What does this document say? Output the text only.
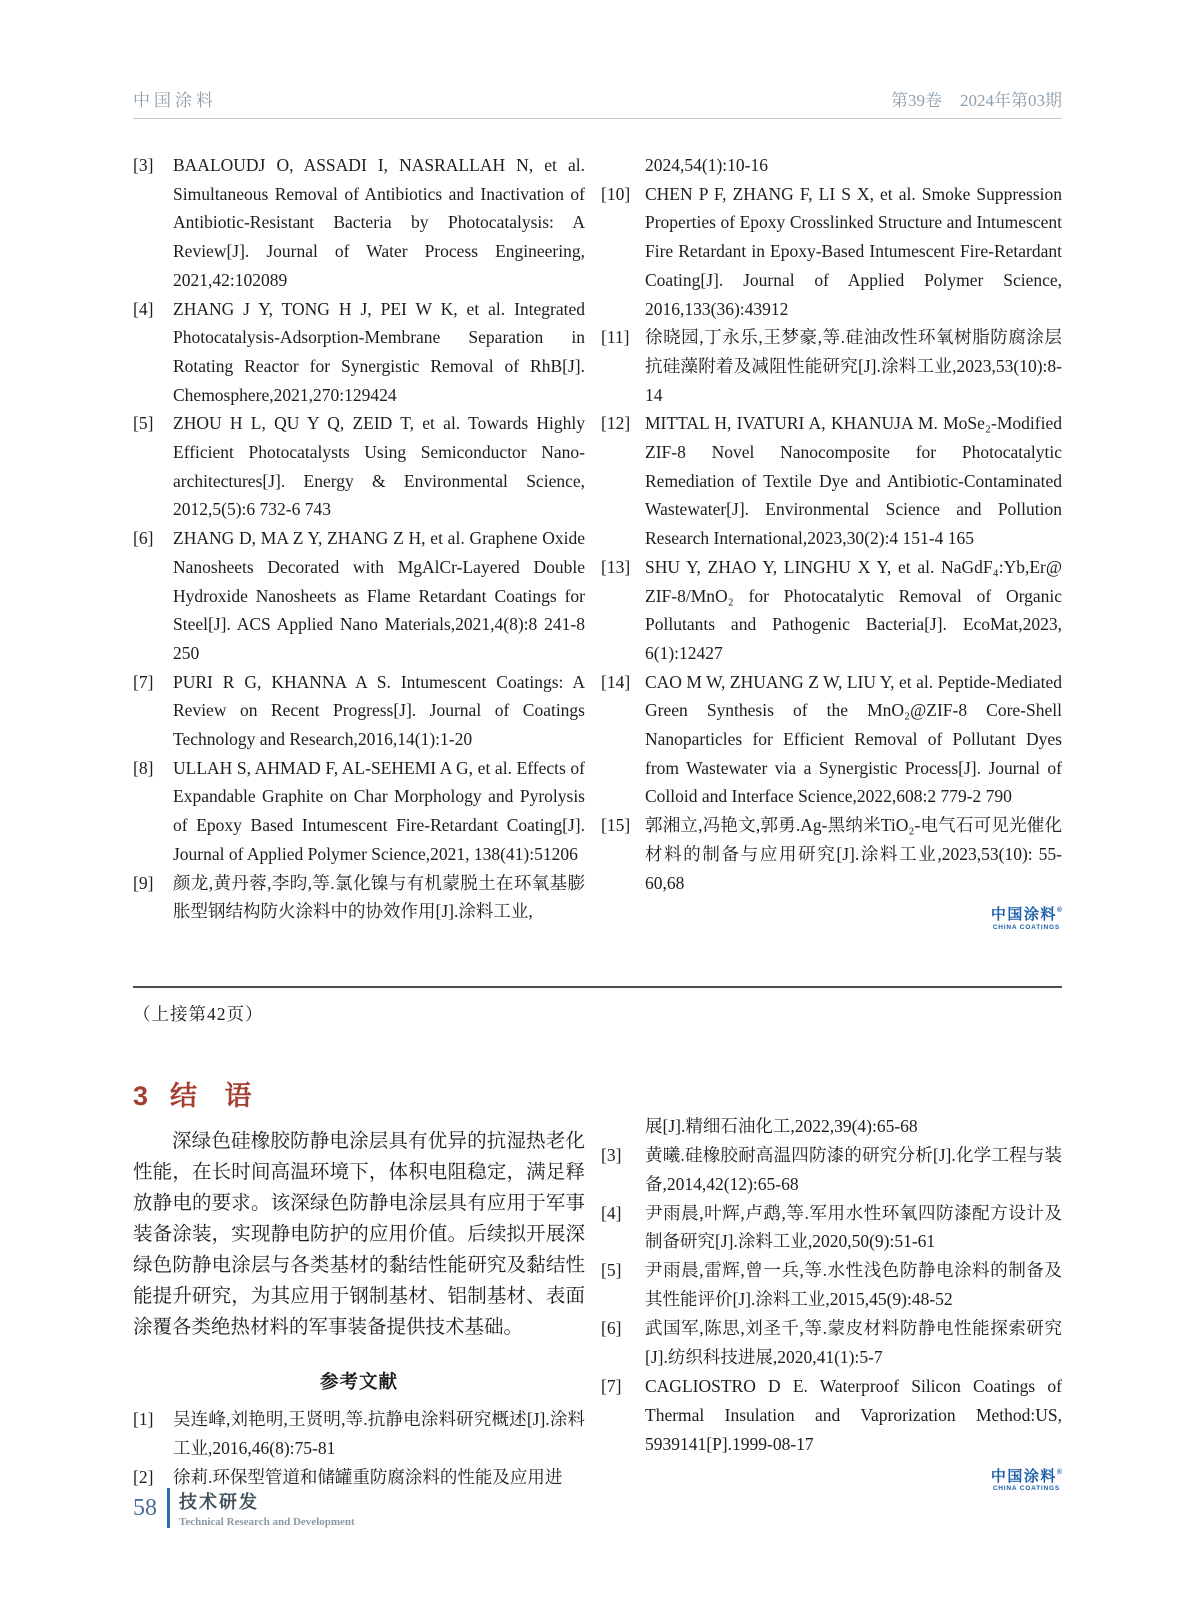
中国涂料	第39卷 2024年第03期
[3] BAALOUDJ O, ASSADI I, NASRALLAH N, et al. Simultaneous Removal of Antibiotics and Inactivation of Antibiotic-Resistant Bacteria by Photocatalysis: A Review[J]. Journal of Water Process Engineering, 2021,42:102089
[4] ZHANG J Y, TONG H J, PEI W K, et al. Integrated Photocatalysis-Adsorption-Membrane Separation in Rotating Reactor for Synergistic Removal of RhB[J]. Chemosphere,2021,270:129424
[5] ZHOU H L, QU Y Q, ZEID T, et al. Towards Highly Efficient Photocatalysts Using Semiconductor Nano-architectures[J]. Energy & Environmental Science, 2012,5(5):6 732-6 743
[6] ZHANG D, MA Z Y, ZHANG Z H, et al. Graphene Oxide Nanosheets Decorated with MgAlCr-Layered Double Hydroxide Nanosheets as Flame Retardant Coatings for Steel[J]. ACS Applied Nano Materials,2021,4(8):8 241-8 250
[7] PURI R G, KHANNA A S. Intumescent Coatings: A Review on Recent Progress[J]. Journal of Coatings Technology and Research,2016,14(1):1-20
[8] ULLAH S, AHMAD F, AL-SEHEMI A G, et al. Effects of Expandable Graphite on Char Morphology and Pyrolysis of Epoxy Based Intumescent Fire-Retardant Coating[J]. Journal of Applied Polymer Science,2021, 138(41):51206
[9] 颜龙,黄丹蓉,李昀,等.氯化镍与有机蒙脱土在环氧基膨胀型钢结构防火涂料中的协效作用[J].涂料工业,
2024,54(1):10-16
[10] CHEN P F, ZHANG F, LI S X, et al. Smoke Suppression Properties of Epoxy Crosslinked Structure and Intumescent Fire Retardant in Epoxy-Based Intumescent Fire-Retardant Coating[J]. Journal of Applied Polymer Science, 2016,133(36):43912
[11] 徐晓园,丁永乐,王梦豪,等.硅油改性环氧树脂防腐涂层抗硅藻附着及减阻性能研究[J].涂料工业,2023,53(10):8-14
[12] MITTAL H, IVATURI A, KHANUJA M. MoSe₂-Modified ZIF-8 Novel Nanocomposite for Photocatalytic Remediation of Textile Dye and Antibiotic-Contaminated Wastewater[J]. Environmental Science and Pollution Research International,2023,30(2):4 151-4 165
[13] SHU Y, ZHAO Y, LINGHU X Y, et al. NaGdF₄:Yb,Er@ ZIF-8/MnO₂ for Photocatalytic Removal of Organic Pollutants and Pathogenic Bacteria[J]. EcoMat,2023, 6(1):12427
[14] CAO M W, ZHUANG Z W, LIU Y, et al. Peptide-Mediated Green Synthesis of the MnO₂@ZIF-8 Core-Shell Nanoparticles for Efficient Removal of Pollutant Dyes from Wastewater via a Synergistic Process[J]. Journal of Colloid and Interface Science,2022,608:2 779-2 790
[15] 郭湘立,冯艳文,郭勇.Ag-黑纳米TiO₂-电气石可见光催化材料的制备与应用研究[J].涂料工业,2023,53(10): 55-60,68
中国涂料®
CHINA COATINGS
（上接第42页）
3 结 语

深绿色硅橡胶防静电涂层具有优异的抗湿热老化性能，在长时间高温环境下，体积电阻稳定，满足释放静电的要求。该深绿色防静电涂层具有应用于军事装备涂装，实现静电防护的应用价值。后续拟开展深绿色防静电涂层与各类基材的黏结性能研究及黏结性能提升研究，为其应用于钢制基材、铝制基材、表面涂覆各类绝热材料的军事装备提供技术基础。

参考文献
[1] 吴连峰,刘艳明,王贤明,等.抗静电涂料研究概述[J].涂料工业,2016,46(8):75-81
[2] 徐莉.环保型管道和储罐重防腐涂料的性能及应用进
展[J].精细石油化工,2022,39(4):65-68
[3] 黄曦.硅橡胶耐高温四防漆的研究分析[J].化学工程与装备,2014,42(12):65-68
[4] 尹雨晨,叶辉,卢鹉,等.军用水性环氧四防漆配方设计及制备研究[J].涂料工业,2020,50(9):51-61
[5] 尹雨晨,雷辉,曾一兵,等.水性浅色防静电涂料的制备及其性能评价[J].涂料工业,2015,45(9):48-52
[6] 武国军,陈思,刘圣千,等.蒙皮材料防静电性能探索研究[J].纺织科技进展,2020,41(1):5-7
[7] CAGLIOSTRO D E. Waterproof Silicon Coatings of Thermal Insulation and Vaprorization Method:US, 5939141[P].1999-08-17
中国涂料®
CHINA COATINGS
58 技术研发
Technical Research and Development
